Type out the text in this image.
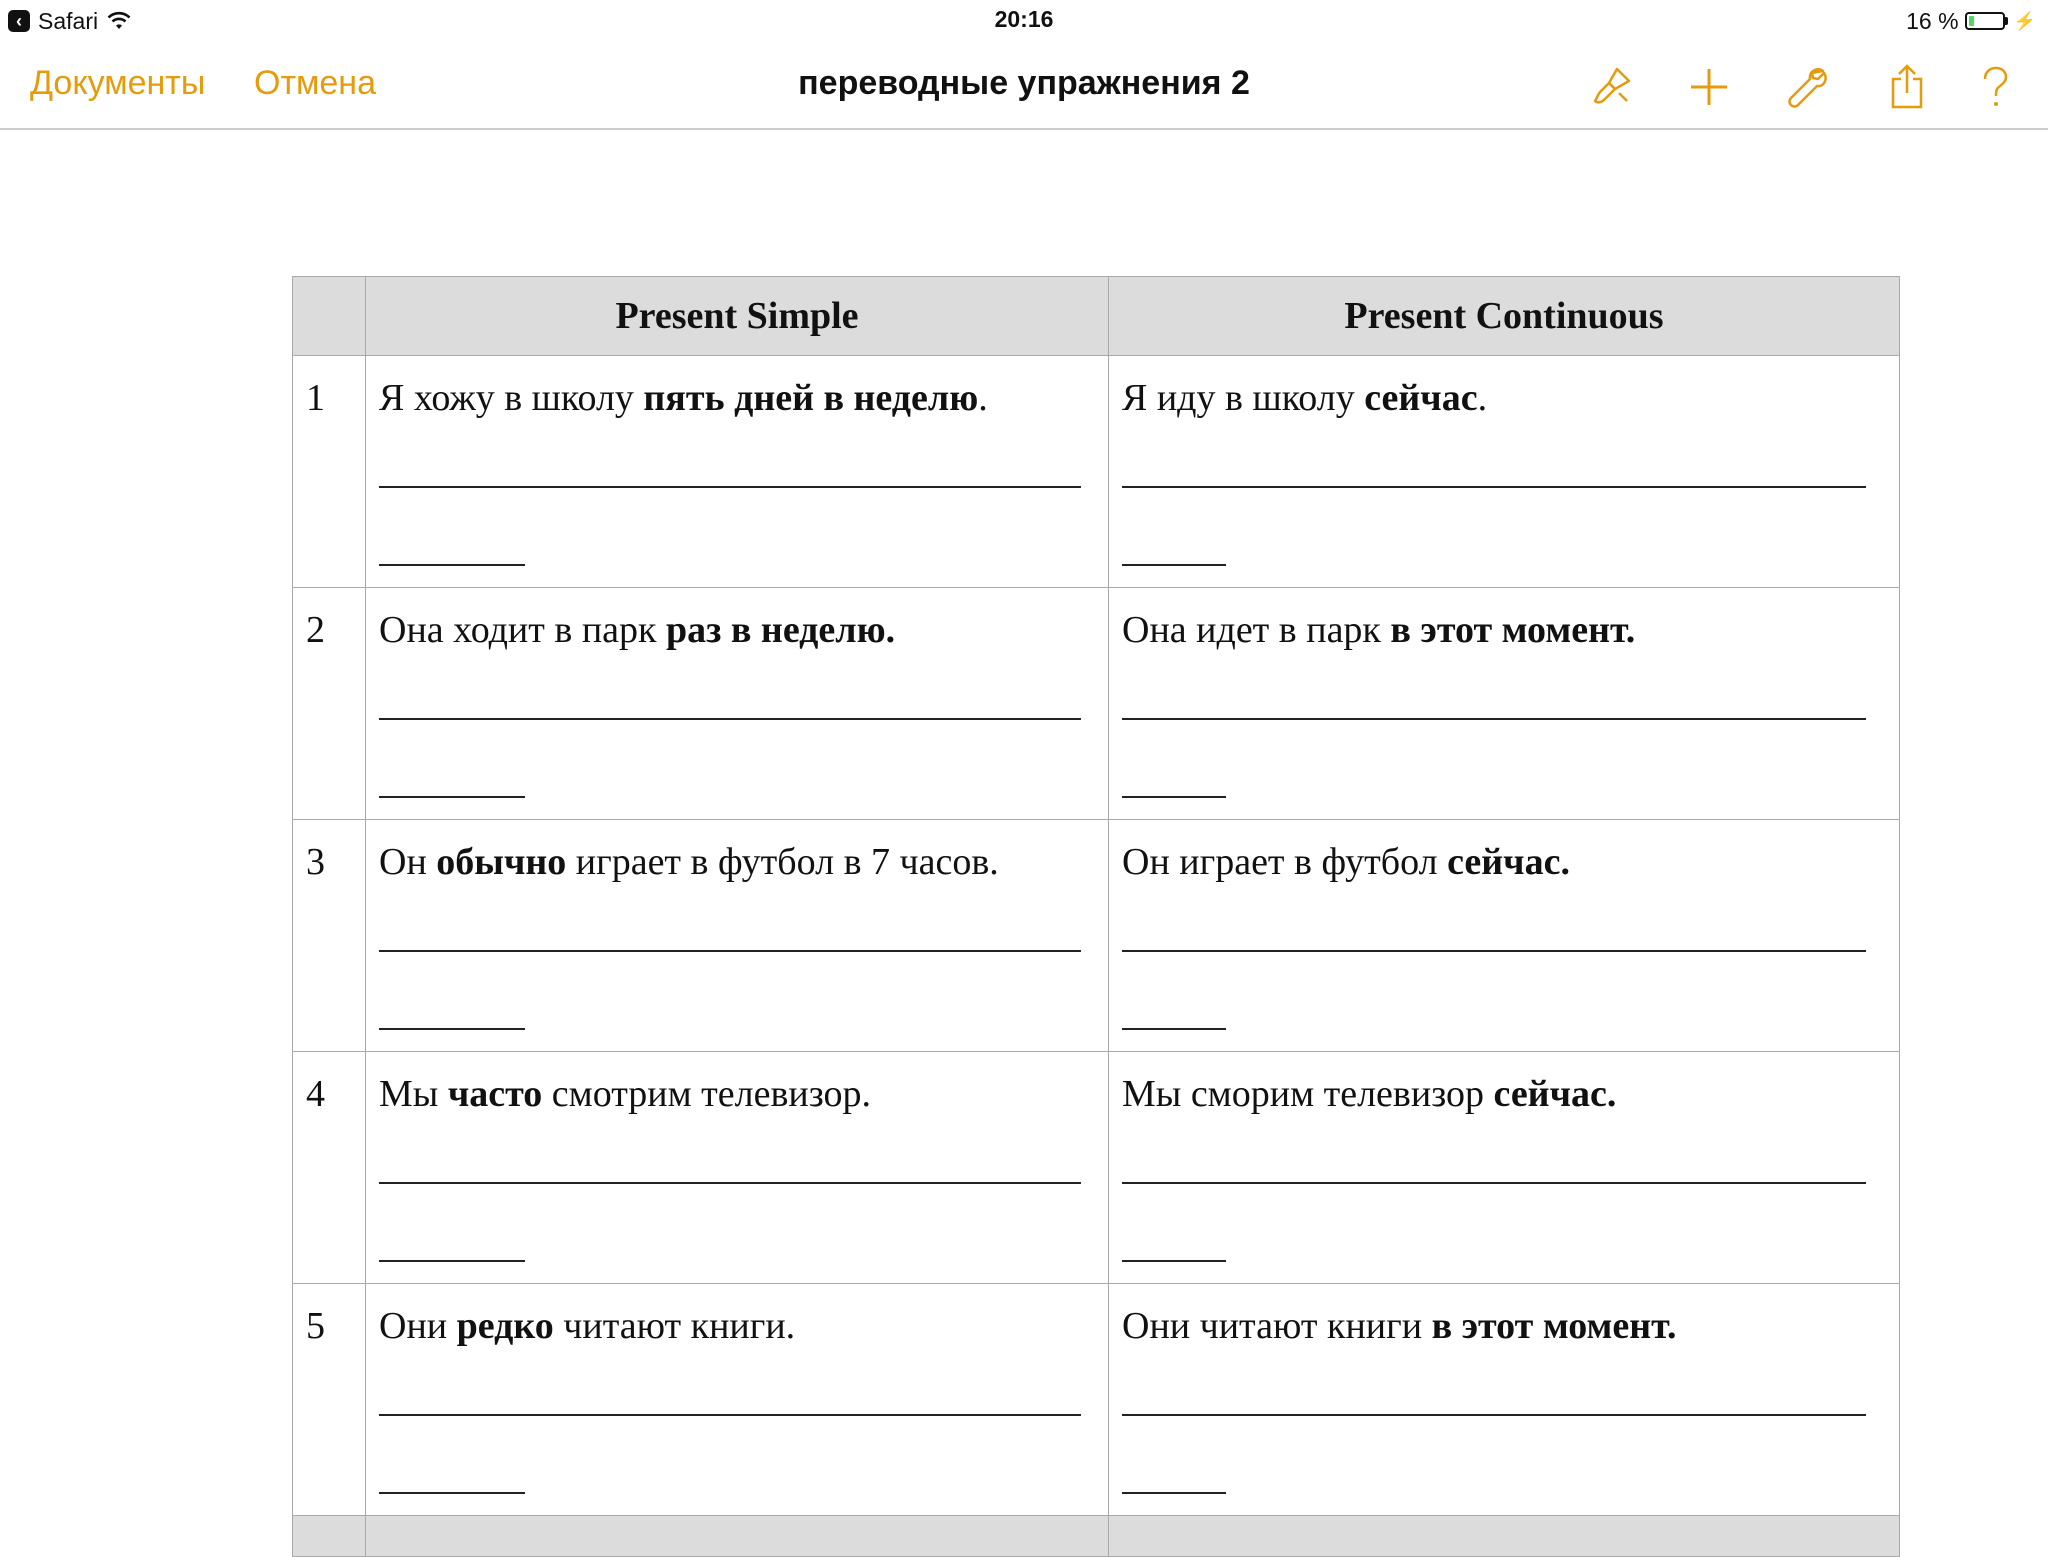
‹ Safari	20:16	16 %	⚡
Документы Отмена	переводные упражнения 2
	Present Simple	Present Continuous

1	Я хожу в школу пять дней в неделю.	Я иду в школу сейчас.

2	Она ходит в парк раз в неделю.	Она идет в парк в этот момент.

3	Он обычно играет в футбол в 7 часов.	Он играет в футбол сейчас.

4	Мы часто смотрим телевизор.	Мы сморим телевизор сейчас.

5	Они редко читают книги.	Они читают книги в этот момент.
